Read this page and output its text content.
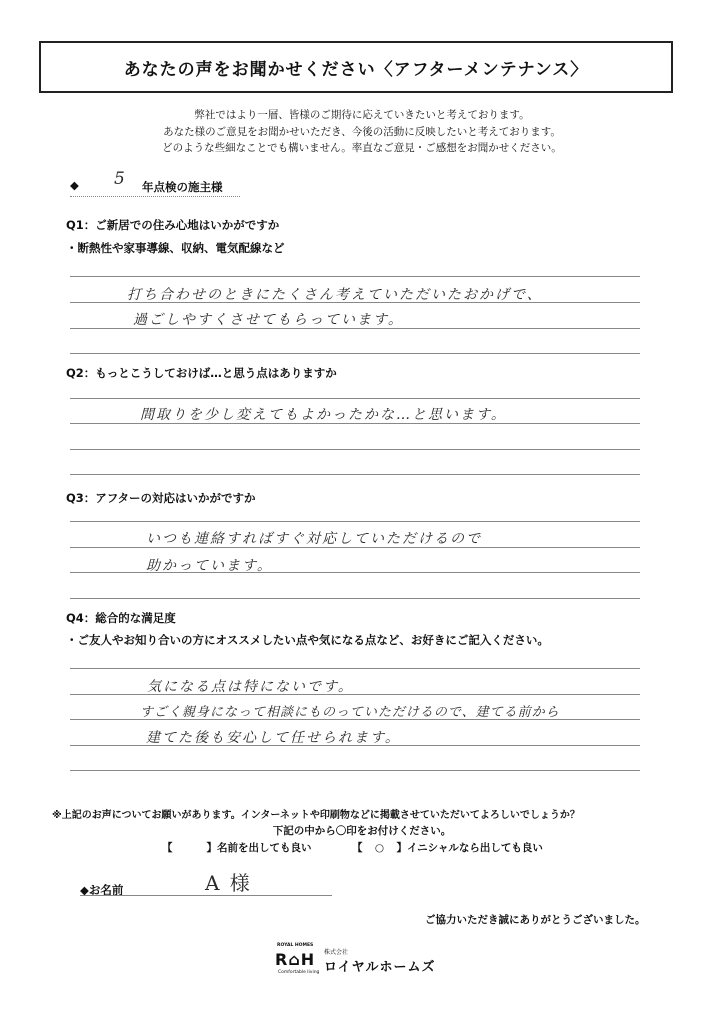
あなたの声をお聞かせください〈アフターメンテナンス〉
弊社ではより一層、皆様のご期待に応えていきたいと考えております。
あなた様のご意見をお聞かせいただき、今後の活動に反映したいと考えております。
どのような些細なことでも構いません。率直なご意見・ご感想をお聞かせください。
◆ 5 年点検の施主様
Q1：ご新居での住み心地はいかがですか
・断熱性や家事導線、収納、電気配線など
打ち合わせのときにたくさん考えていただいたおかげで、
過ごしやすくさせてもらっています。
Q2：もっとこうしておけば…と思う点はありますか
間取りを少し変えてもよかったかな…と思います。
Q3：アフターの対応はいかがですか
いつも連絡すればすぐ対応していただけるので
助かっています。
Q4：総合的な満足度
・ご友人やお知り合いの方にオススメしたい点や気になる点など、お好きにご記入ください。
気になる点は特にないです。
すごく親身になって相談にものっていただけるので、建てる前から
建てた後も安心して任せられます。
※上記のお声についてお願いがあります。インターネットや印刷物などに掲載させていただいてよろしいでしょうか？
下記の中から〇印をお付けください。
【	】名前を出しても良い	【 ○ 】イニシャルなら出しても良い
◆お名前	A 様
ご協力いただき誠にありがとうございました。
ROYAL HOMES
R⌂H
Comfortable living
株式会社
ロイヤルホームズ
